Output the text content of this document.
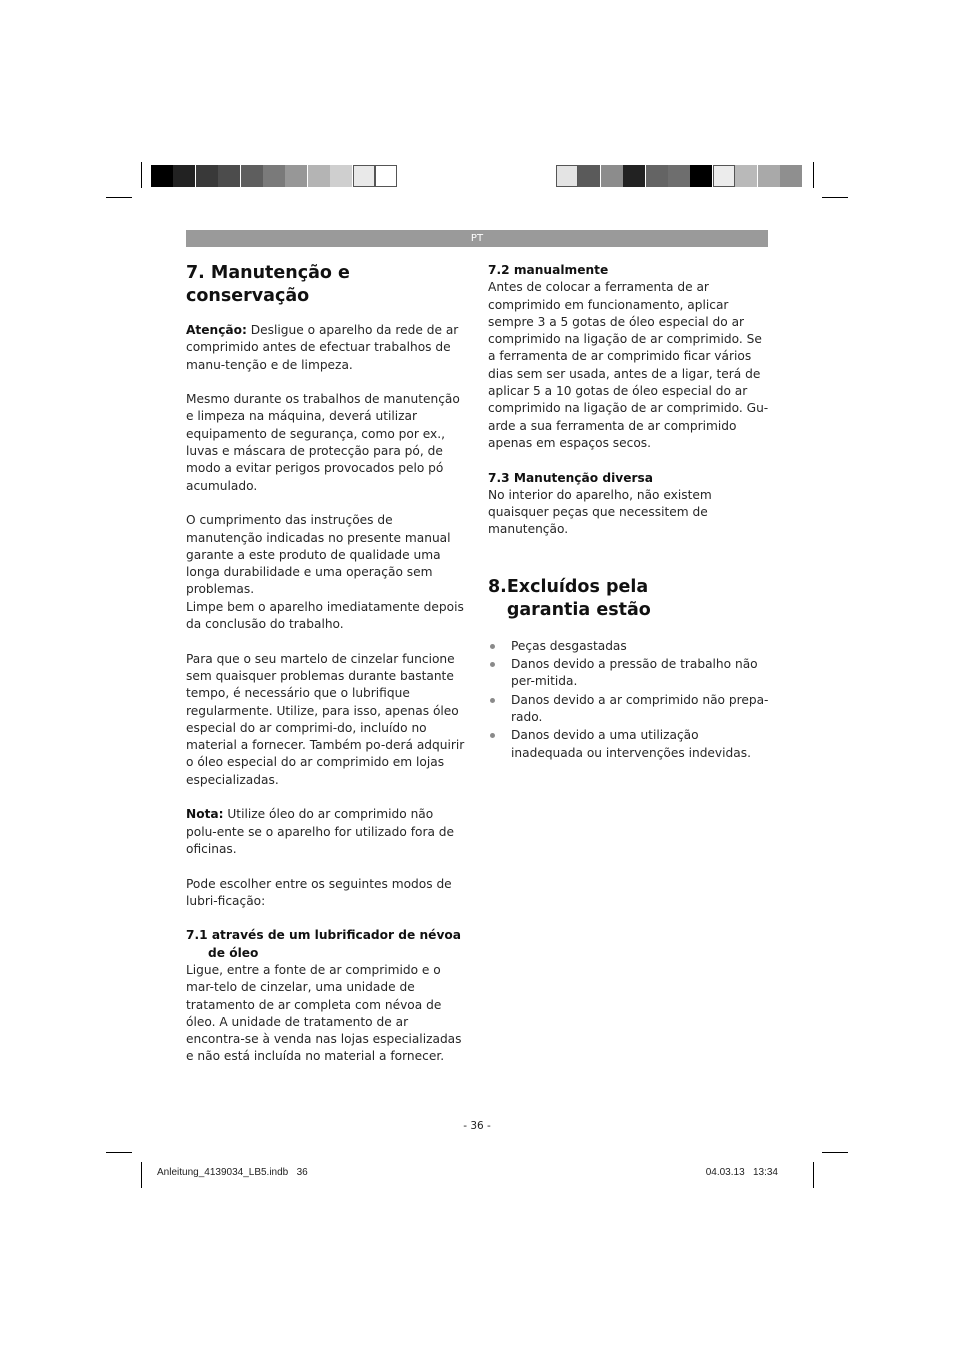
PT
7. Manutenção e conservação

Atenção: Desligue o aparelho da rede de ar comprimido antes de efectuar trabalhos de manu-tenção e de limpeza.

Mesmo durante os trabalhos de manutenção e limpeza na máquina, deverá utilizar equipamento de segurança, como por ex., luvas e máscara de protecção para pó, de modo a evitar perigos provocados pelo pó acumulado.

O cumprimento das instruções de manutenção indicadas no presente manual garante a este produto de qualidade uma longa durabilidade e uma operação sem problemas.

Limpe bem o aparelho imediatamente depois da conclusão do trabalho.

Para que o seu martelo de cinzelar funcione sem quaisquer problemas durante bastante tempo, é necessário que o lubrifique regularmente. Utilize, para isso, apenas óleo especial do ar comprimi-do, incluído no material a fornecer. Também po-derá adquirir o óleo especial do ar comprimido em lojas especializadas.

Nota: Utilize óleo do ar comprimido não polu-ente se o aparelho for utilizado fora de oficinas.

Pode escolher entre os seguintes modos de lubri-ficação:

7.1 através de um lubrificador de névoa de óleo

Ligue, entre a fonte de ar comprimido e o mar-telo de cinzelar, uma unidade de tratamento de ar completa com névoa de óleo. A unidade de tratamento de ar encontra-se à venda nas lojas especializadas e não está incluída no material a fornecer.

7.2 manualmente

Antes de colocar a ferramenta de ar comprimido em funcionamento, aplicar sempre 3 a 5 gotas de óleo especial do ar comprimido na ligação de ar comprimido. Se a ferramenta de ar comprimido ficar vários dias sem ser usada, antes de a ligar, terá de aplicar 5 a 10 gotas de óleo especial do ar comprimido na ligação de ar comprimido. Gu-arde a sua ferramenta de ar comprimido apenas em espaços secos.

7.3 Manutenção diversa

No interior do aparelho, não existem quaisquer peças que necessitem de manutenção.

8. Excluídos pela garantia estão
Peças desgastadas
Danos devido a pressão de trabalho não per-mitida.
Danos devido a ar comprimido não prepa-rado.
Danos devido a uma utilização inadequada ou intervenções indevidas.
- 36 -
Anleitung_4139034_LB5.indb   36	04.03.13   13:34
